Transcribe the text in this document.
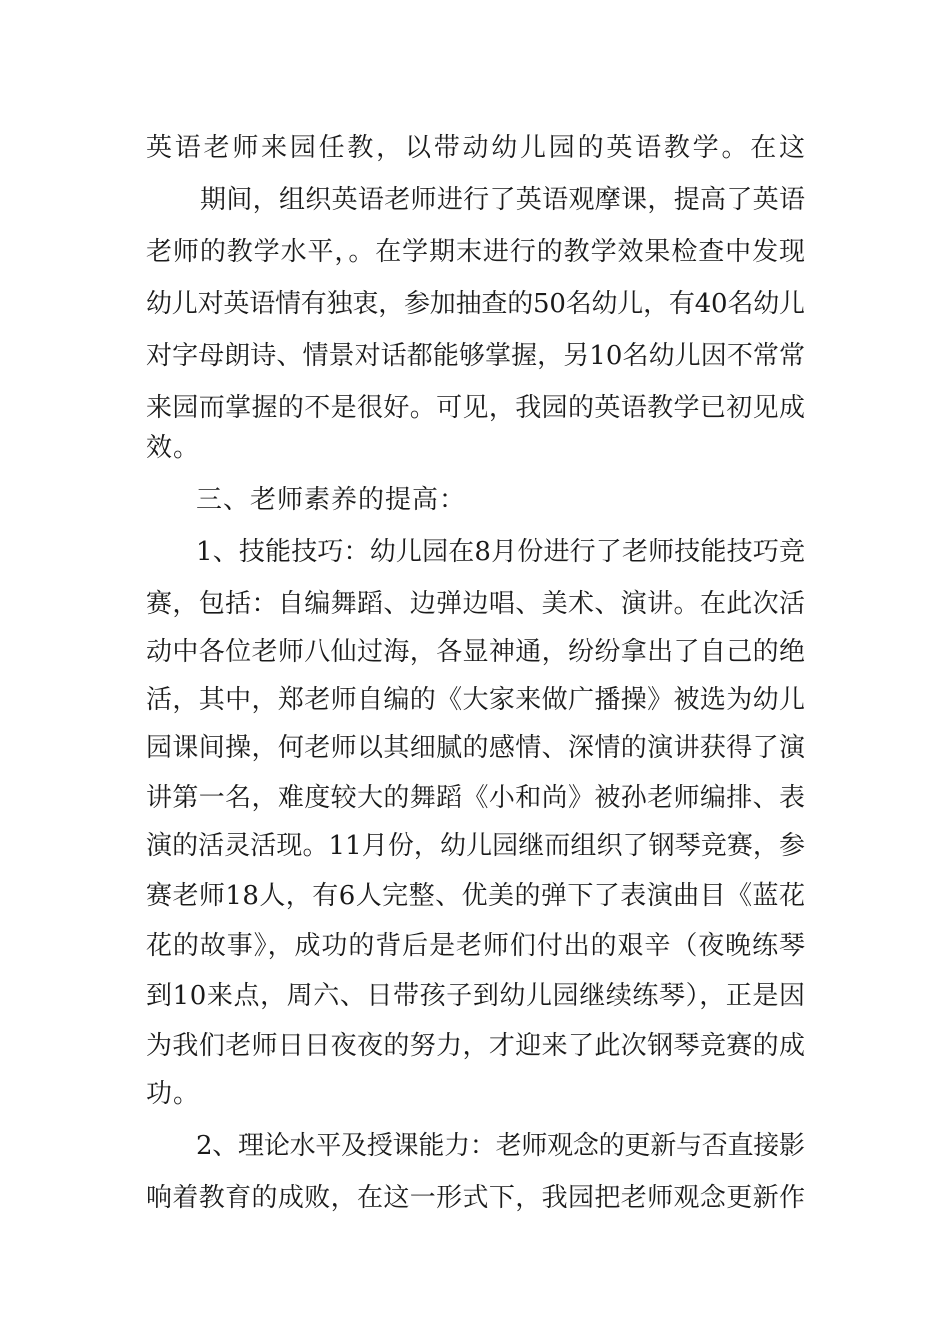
英语老师来园任教，以带动幼儿园的英语教学。在这
期间，组织英语老师进行了英语观摩课，提高了英语
老师的教学水平，。在学期末进行的教学效果检查中发现
幼儿对英语情有独衷，参加抽查的50名幼儿，有40名幼儿
对字母朗诗、情景对话都能够掌握，另10名幼儿因不常常
来园而掌握的不是很好。可见，我园的英语教学已初见成
效。
三、老师素养的提高：
1、技能技巧：幼儿园在8月份进行了老师技能技巧竞
赛，包括：自编舞蹈、边弹边唱、美术、演讲。在此次活
动中各位老师八仙过海，各显神通，纷纷拿出了自己的绝
活，其中，郑老师自编的《大家来做广播操》被选为幼儿
园课间操，何老师以其细腻的感情、深情的演讲获得了演
讲第一名，难度较大的舞蹈《小和尚》被孙老师编排、表
演的活灵活现。11月份，幼儿园继而组织了钢琴竞赛，参
赛老师18人，有6人完整、优美的弹下了表演曲目《蓝花
花的故事》，成功的背后是老师们付出的艰辛（夜晚练琴
到10来点，周六、日带孩子到幼儿园继续练琴），正是因
为我们老师日日夜夜的努力，才迎来了此次钢琴竞赛的成
功。
2、理论水平及授课能力：老师观念的更新与否直接影
响着教育的成败，在这一形式下，我园把老师观念更新作
